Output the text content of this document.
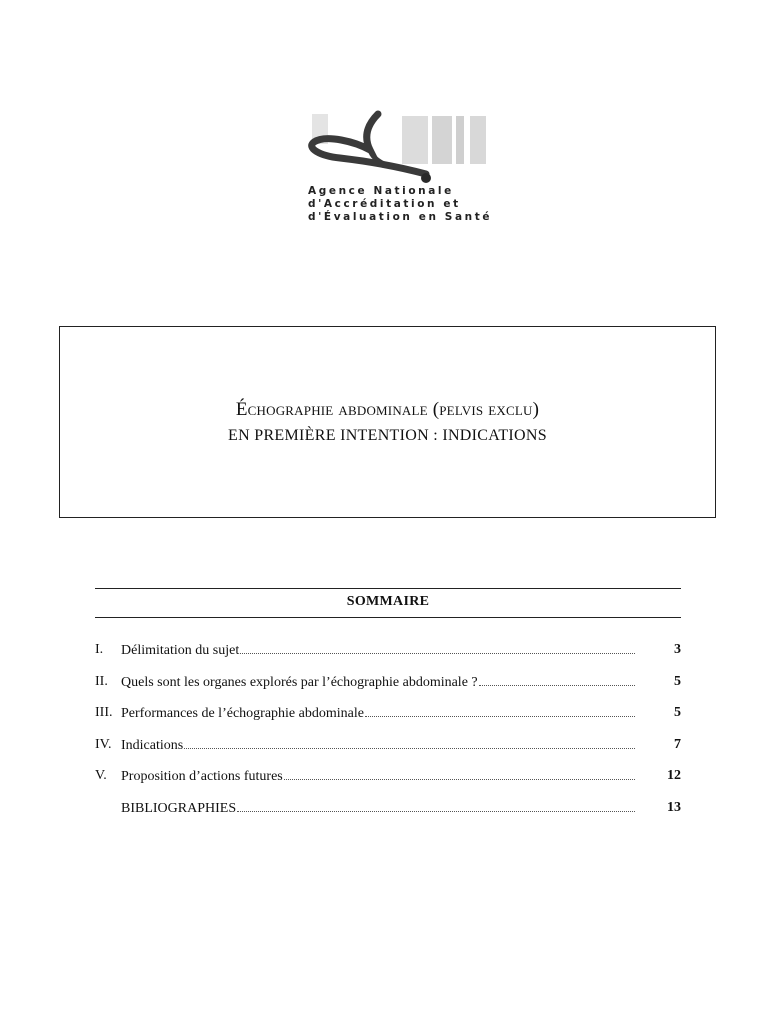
Agence Nationale
d'Accréditation et
d'Évaluation en Santé
Échographie abdominale (pelvis exclu)
EN PREMIÈRE INTENTION : INDICATIONS
SOMMAIRE
I. Délimitation du sujet	3
II. Quels sont les organes explorés par l’échographie abdominale ?	5
III. Performances de l’échographie abdominale	5
IV. Indications	7
V. Proposition d’actions futures	12
BIBLIOGRAPHIES	13
